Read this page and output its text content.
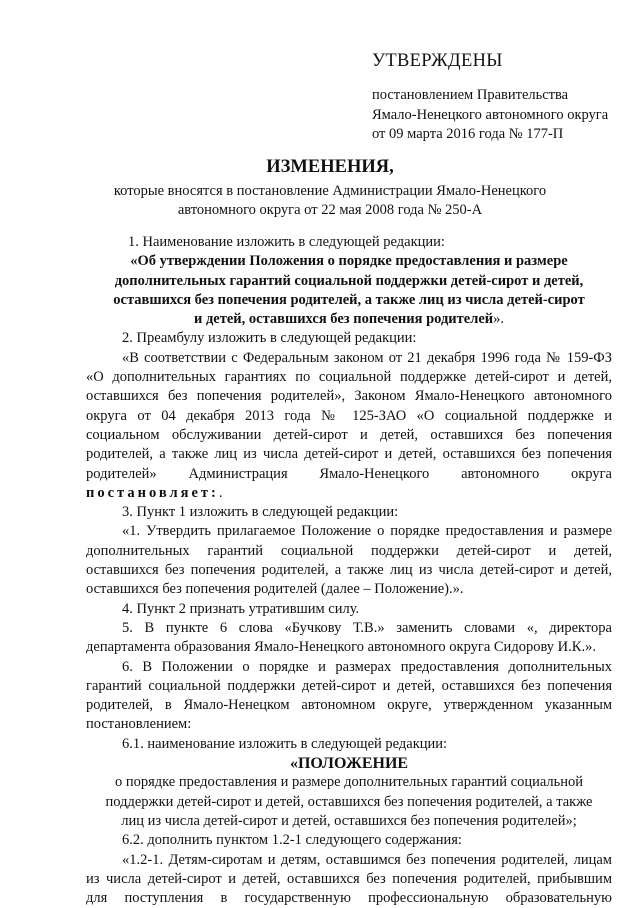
УТВЕРЖДЕНЫ
постановлением Правительства
Ямало-Ненецкого автономного округа
от 09 марта 2016 года № 177-П
ИЗМЕНЕНИЯ,
которые вносятся в постановление Администрации Ямало-Ненецкого
автономного округа от 22 мая 2008 года № 250-А

1. Наименование изложить в следующей редакции:

«Об утверждении Положения о порядке предоставления и размере

дополнительных гарантий социальной поддержки детей-сирот и детей,

оставшихся без попечения родителей, а также лиц из числа детей-сирот

и детей, оставшихся без попечения родителей».

2. Преамбулу изложить в следующей редакции:

«В соответствии с Федеральным законом от 21 декабря 1996 года № 159-ФЗ

«О дополнительных гарантиях по социальной поддержке детей-сирот и детей,

оставшихся без попечения родителей», Законом Ямало-Ненецкого автономного

округа от 04 декабря 2013 года № 125-ЗАО «О социальной поддержке и

социальном обслуживании детей-сирот и детей, оставшихся без попечения

родителей, а также лиц из числа детей-сирот и детей, оставшихся без попечения

родителей» Администрация Ямало-Ненецкого автономного округа

постановляет:.

3. Пункт 1 изложить в следующей редакции:

«1. Утвердить прилагаемое Положение о порядке предоставления и размере

дополнительных гарантий социальной поддержки детей-сирот и детей,

оставшихся без попечения родителей, а также лиц из числа детей-сирот и детей,

оставшихся без попечения родителей (далее – Положение).».

4. Пункт 2 признать утратившим силу.

5. В пункте 6 слова «Бучкову Т.В.» заменить словами «, директора

департамента образования Ямало-Ненецкого автономного округа Сидорову И.К.».

6. В Положении о порядке и размерах предоставления дополнительных

гарантий социальной поддержки детей-сирот и детей, оставшихся без попечения

родителей, в Ямало-Ненецком автономном округе, утвержденном указанным

постановлением:

6.1. наименование изложить в следующей редакции:

«ПОЛОЖЕНИЕ

о порядке предоставления и размере дополнительных гарантий социальной

поддержки детей-сирот и детей, оставшихся без попечения родителей, а также

лиц из числа детей-сирот и детей, оставшихся без попечения родителей»;

6.2. дополнить пунктом 1.2-1 следующего содержания:

«1.2-1. Детям-сиротам и детям, оставшимся без попечения родителей, лицам

из числа детей-сирот и детей, оставшихся без попечения родителей, прибывшим

для поступления в государственную профессиональную образовательную
